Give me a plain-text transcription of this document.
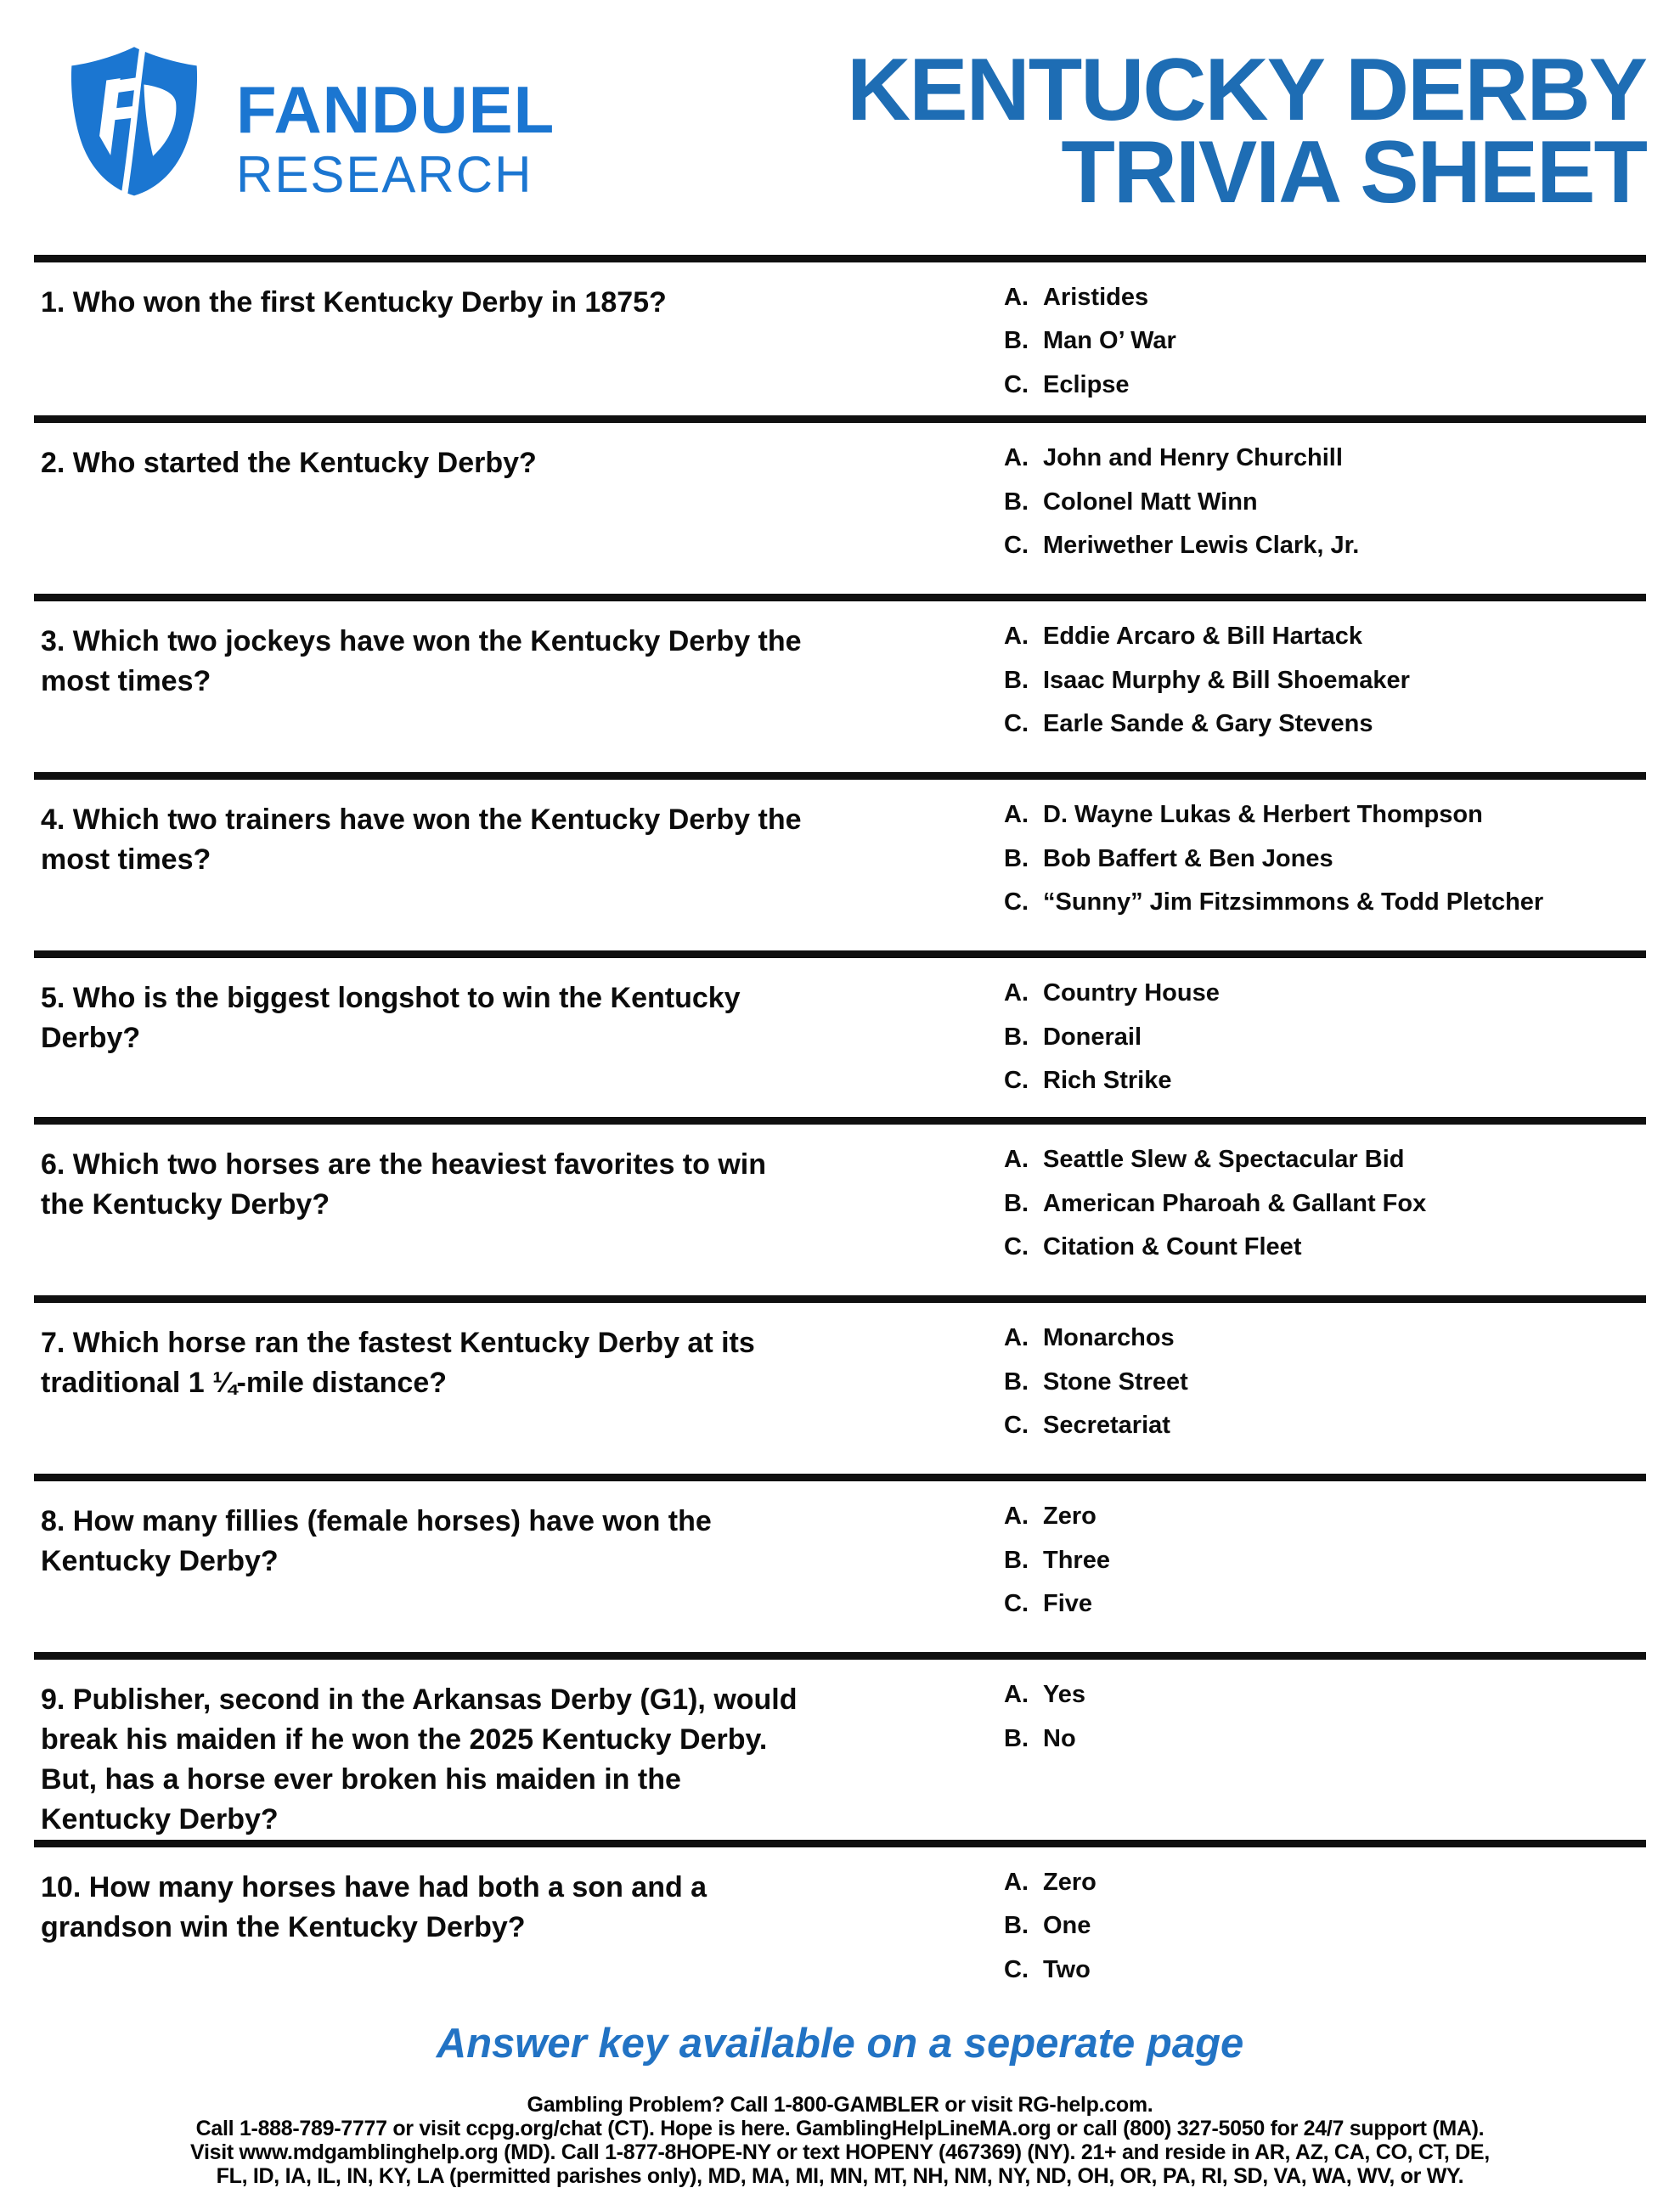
FANDUEL
RESEARCH
KENTUCKY DERBY
TRIVIA SHEET
1. Who won the first Kentucky Derby in 1875?	A. Aristides
B. Man O’ War
C. Eclipse
2. Who started the Kentucky Derby?	A. John and Henry Churchill
B. Colonel Matt Winn
C. Meriwether Lewis Clark, Jr.
3. Which two jockeys have won the Kentucky Derby the most times?
A. Eddie Arcaro & Bill Hartack
B. Isaac Murphy & Bill Shoemaker
C. Earle Sande & Gary Stevens
4. Which two trainers have won the Kentucky Derby the most times?
A. D. Wayne Lukas & Herbert Thompson
B. Bob Baffert & Ben Jones
C. “Sunny” Jim Fitzsimmons & Todd Pletcher
5. Who is the biggest longshot to win the Kentucky Derby?
A. Country House
B. Donerail
C. Rich Strike
6. Which two horses are the heaviest favorites to win the Kentucky Derby?
A. Seattle Slew & Spectacular Bid
B. American Pharoah & Gallant Fox
C. Citation & Count Fleet
7. Which horse ran the fastest Kentucky Derby at its traditional 1 ¼-mile distance?
A. Monarchos
B. Stone Street
C. Secretariat
8. How many fillies (female horses) have won the Kentucky Derby?
A. Zero
B. Three
C. Five
9. Publisher, second in the Arkansas Derby (G1), would break his maiden if he won the 2025 Kentucky Derby. But, has a horse ever broken his maiden in the Kentucky Derby?
A. Yes
B. No
10. How many horses have had both a son and a grandson win the Kentucky Derby?
A. Zero
B. One
C. Two
Answer key available on a seperate page
Gambling Problem? Call 1-800-GAMBLER or visit RG-help.com.
Call 1-888-789-7777 or visit ccpg.org/chat (CT). Hope is here. GamblingHelpLineMA.org or call (800) 327-5050 for 24/7 support (MA).
Visit www.mdgamblinghelp.org (MD). Call 1-877-8HOPE-NY or text HOPENY (467369) (NY). 21+ and reside in AR, AZ, CA, CO, CT, DE,
FL, ID, IA, IL, IN, KY, LA (permitted parishes only), MD, MA, MI, MN, MT, NH, NM, NY, ND, OH, OR, PA, RI, SD, VA, WA, WV, or WY.
